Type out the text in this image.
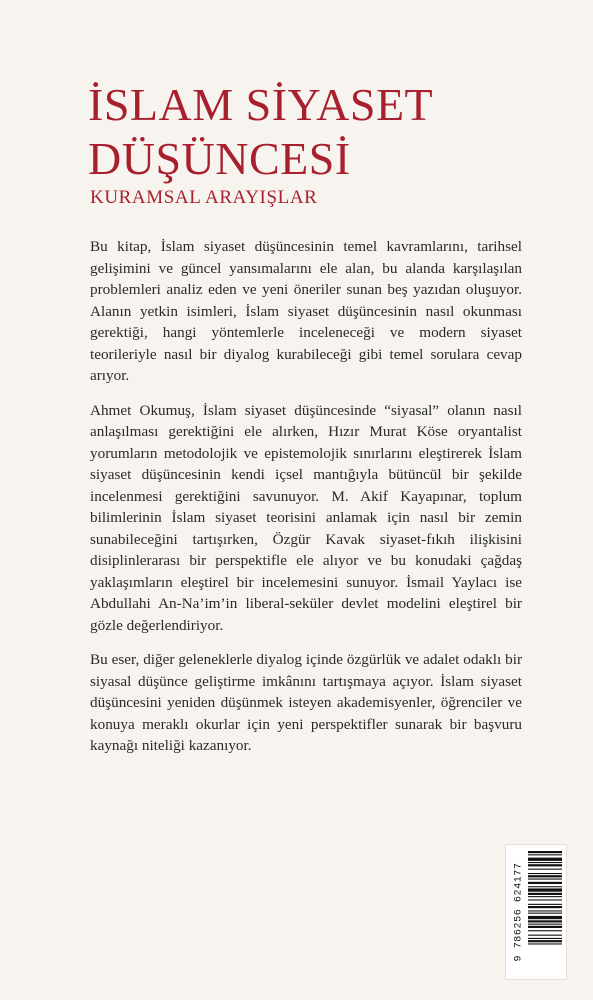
İSLAM SİYASET
DÜŞÜNCESİ
KURAMSAL ARAYIŞLAR

Bu kitap, İslam siyaset düşüncesinin temel kavramlarını, tarihsel gelişimini ve güncel yansımalarını ele alan, bu alanda karşılaşılan problemleri analiz eden ve yeni öneriler sunan beş yazıdan oluşuyor. Alanın yetkin isimleri, İslam siyaset düşüncesinin nasıl okunması gerektiği, hangi yöntemlerle inceleneceği ve modern siyaset teorileriyle nasıl bir diyalog kurabileceği gibi temel sorulara cevap arıyor.

Ahmet Okumuş, İslam siyaset düşüncesinde “siyasal” olanın nasıl anlaşılması gerektiğini ele alırken, Hızır Murat Köse oryantalist yorumların metodolojik ve epistemolojik sınırlarını eleştirerek İslam siyaset düşüncesinin kendi içsel mantığıyla bütüncül bir şekilde incelenmesi gerektiğini savunuyor. M. Akif Kayapınar, toplum bilimlerinin İslam siyaset teorisini anlamak için nasıl bir zemin sunabileceğini tartışırken, Özgür Kavak siyaset-fıkıh ilişkisini disiplinlerarası bir perspektifle ele alıyor ve bu konudaki çağdaş yaklaşımların eleştirel bir incelemesini sunuyor. İsmail Yaylacı ise Abdullahi An-Na’im’in liberal-seküler devlet modelini eleştirel bir gözle değerlendiriyor.

Bu eser, diğer geleneklerle diyalog içinde özgürlük ve adalet odaklı bir siyasal düşünce geliştirme imkânını tartışmaya açıyor. İslam siyaset düşüncesini yeniden düşünmek isteyen akademisyenler, öğrenciler ve konuya meraklı okurlar için yeni perspektifler sunarak bir başvuru kaynağı niteliği kazanıyor.

9 786256 624177
